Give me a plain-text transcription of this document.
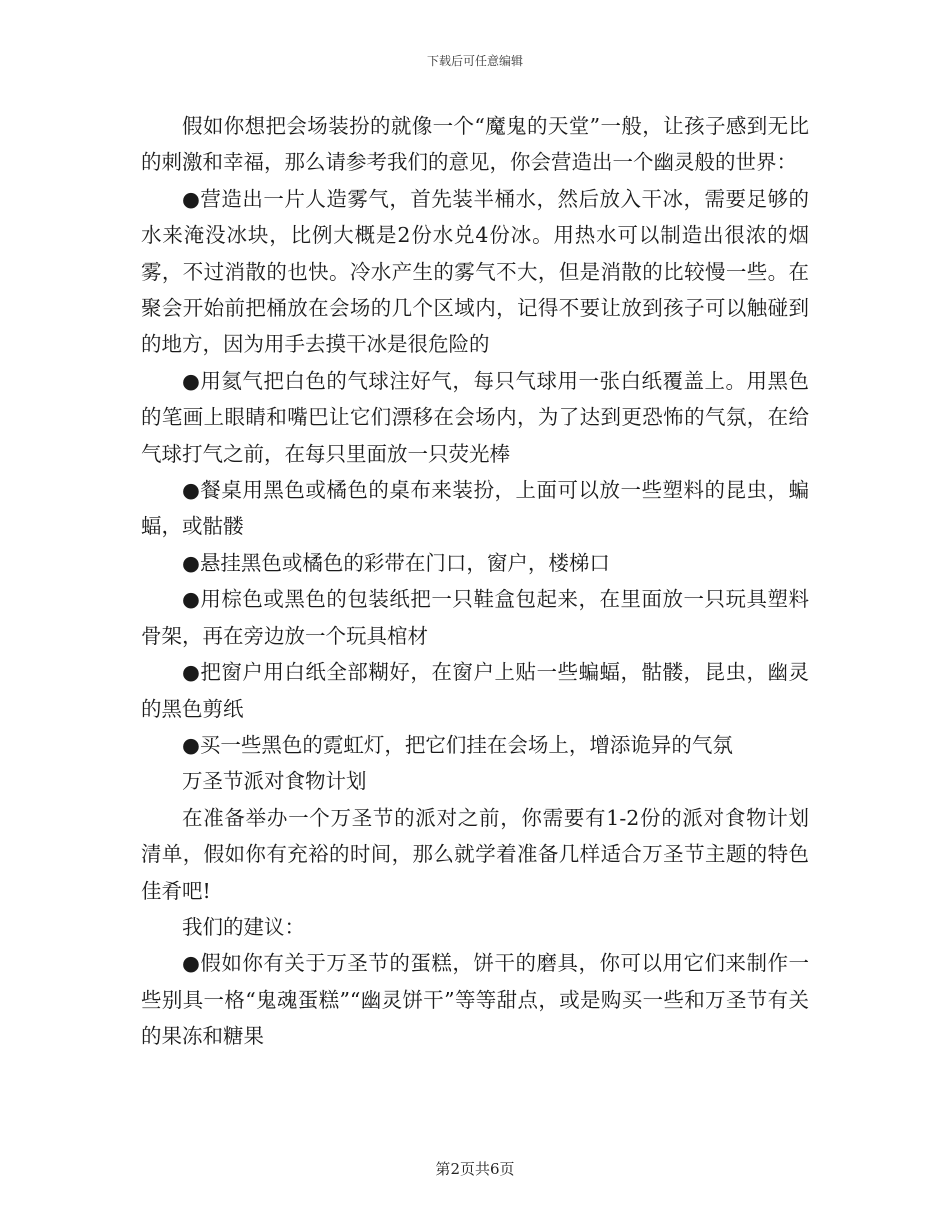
下载后可任意编辑

假如你想把会场装扮的就像一个“魔鬼的天堂”一般，让孩子感到无比的刺激和幸福，那么请参考我们的意见，你会营造出一个幽灵般的世界：

●营造出一片人造雾气，首先装半桶水，然后放入干冰，需要足够的水来淹没冰块，比例大概是2份水兑4份冰。用热水可以制造出很浓的烟雾，不过消散的也快。冷水产生的雾气不大，但是消散的比较慢一些。在聚会开始前把桶放在会场的几个区域内，记得不要让放到孩子可以触碰到的地方，因为用手去摸干冰是很危险的

●用氦气把白色的气球注好气，每只气球用一张白纸覆盖上。用黑色的笔画上眼睛和嘴巴让它们漂移在会场内，为了达到更恐怖的气氛，在给气球打气之前，在每只里面放一只荧光棒

●餐桌用黑色或橘色的桌布来装扮，上面可以放一些塑料的昆虫，蝙蝠，或骷髅

●悬挂黑色或橘色的彩带在门口，窗户，楼梯口

●用棕色或黑色的包装纸把一只鞋盒包起来，在里面放一只玩具塑料骨架，再在旁边放一个玩具棺材

●把窗户用白纸全部糊好，在窗户上贴一些蝙蝠，骷髅，昆虫，幽灵的黑色剪纸

●买一些黑色的霓虹灯，把它们挂在会场上，增添诡异的气氛

万圣节派对食物计划

在准备举办一个万圣节的派对之前，你需要有1-2份的派对食物计划清单，假如你有充裕的时间，那么就学着准备几样适合万圣节主题的特色佳肴吧!

我们的建议：

●假如你有关于万圣节的蛋糕，饼干的磨具，你可以用它们来制作一些别具一格“鬼魂蛋糕”“幽灵饼干”等等甜点，或是购买一些和万圣节有关的果冻和糖果

第2页共6页
